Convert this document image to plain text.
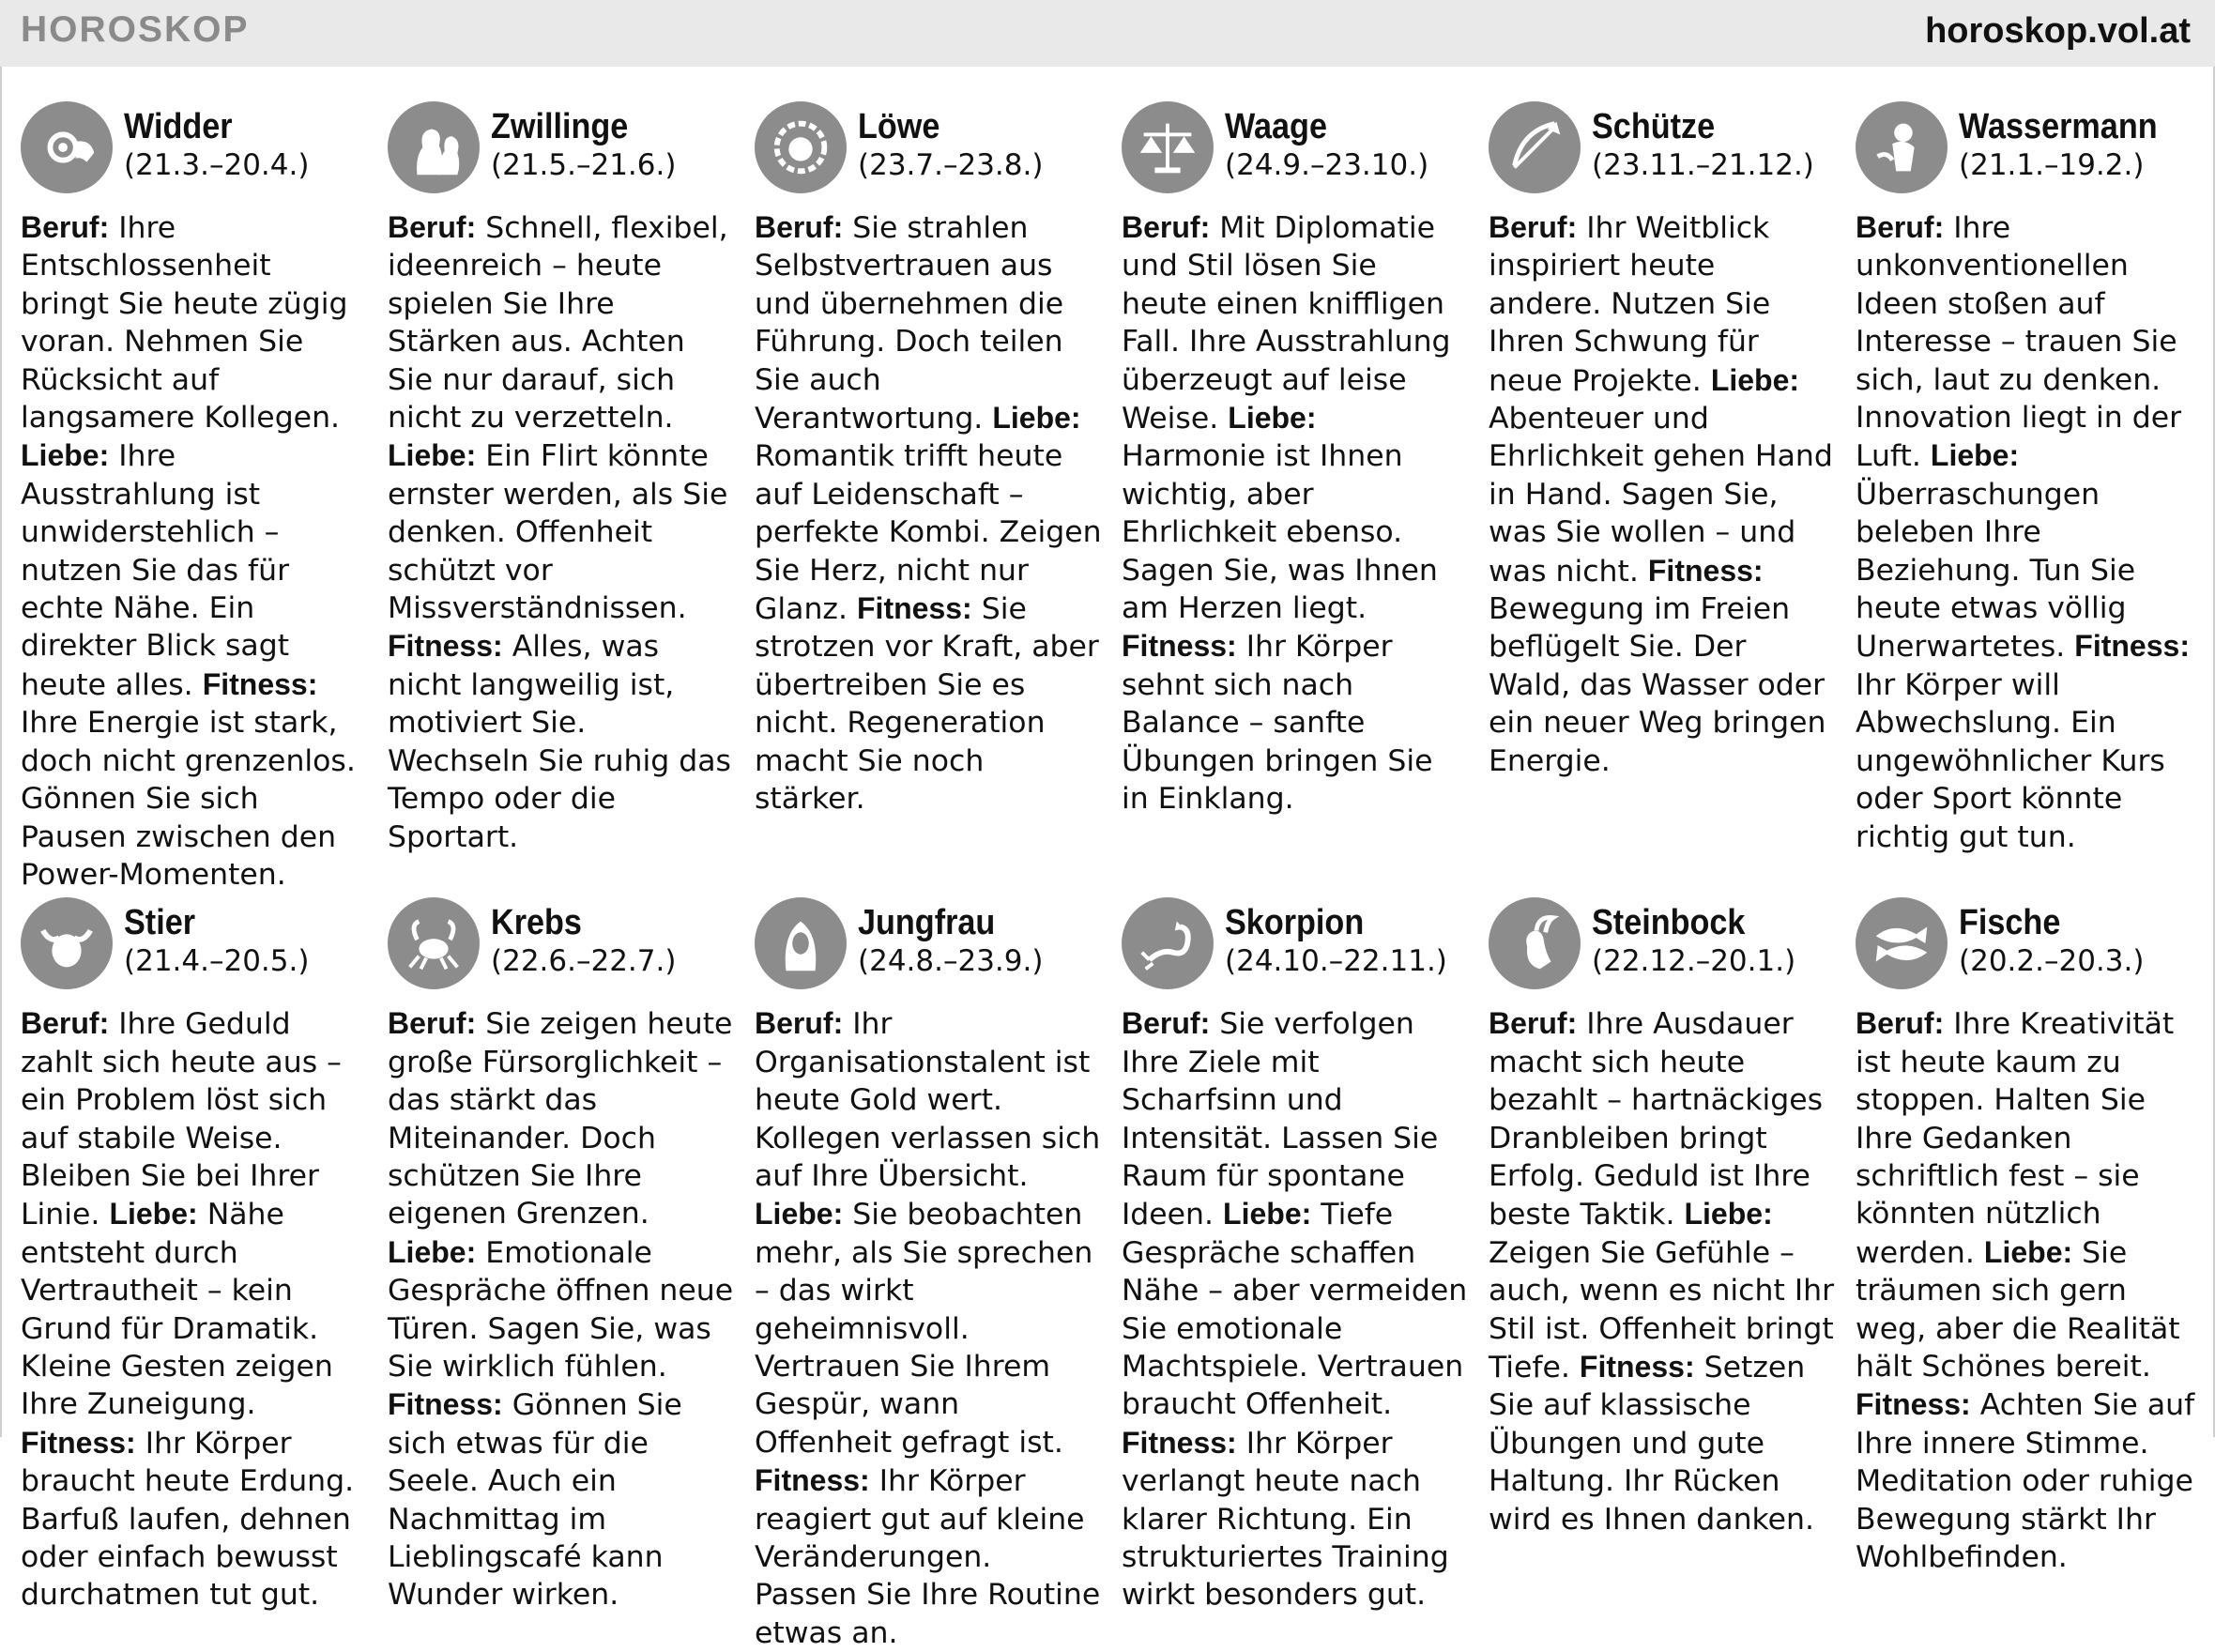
HOROSKOP	horoskop.vol.at
Widder
(21.3.–20.4.)
Beruf: Ihre Entschlossenheit bringt Sie heute zügig voran. Nehmen Sie Rücksicht auf langsamere Kollegen. Liebe: Ihre Ausstrahlung ist unwiderstehlich – nutzen Sie das für echte Nähe. Ein direkter Blick sagt heute alles. Fitness: Ihre Energie ist stark, doch nicht grenzenlos. Gönnen Sie sich Pausen zwischen den Power-Momenten.
Zwillinge
(21.5.–21.6.)
Beruf: Schnell, flexibel, ideenreich – heute spielen Sie Ihre Stärken aus. Achten Sie nur darauf, sich nicht zu verzetteln. Liebe: Ein Flirt könnte ernster werden, als Sie denken. Offenheit schützt vor Missverständnissen. Fitness: Alles, was nicht langweilig ist, motiviert Sie. Wechseln Sie ruhig das Tempo oder die Sportart.
Löwe
(23.7.–23.8.)
Beruf: Sie strahlen Selbstvertrauen aus und übernehmen die Führung. Doch teilen Sie auch Verantwortung. Liebe: Romantik trifft heute auf Leidenschaft – perfekte Kombi. Zeigen Sie Herz, nicht nur Glanz. Fitness: Sie strotzen vor Kraft, aber übertreiben Sie es nicht. Regeneration macht Sie noch stärker.
Waage
(24.9.–23.10.)
Beruf: Mit Diplomatie und Stil lösen Sie heute einen kniffligen Fall. Ihre Ausstrahlung überzeugt auf leise Weise. Liebe: Harmonie ist Ihnen wichtig, aber Ehrlichkeit ebenso. Sagen Sie, was Ihnen am Herzen liegt. Fitness: Ihr Körper sehnt sich nach Balance – sanfte Übungen bringen Sie in Einklang.
Schütze
(23.11.–21.12.)
Beruf: Ihr Weitblick inspiriert heute andere. Nutzen Sie Ihren Schwung für neue Projekte. Liebe: Abenteuer und Ehrlichkeit gehen Hand in Hand. Sagen Sie, was Sie wollen – und was nicht. Fitness: Bewegung im Freien beflügelt Sie. Der Wald, das Wasser oder ein neuer Weg bringen Energie.
Wassermann
(21.1.–19.2.)
Beruf: Ihre unkonventionellen Ideen stoßen auf Interesse – trauen Sie sich, laut zu denken. Innovation liegt in der Luft. Liebe: Überraschungen beleben Ihre Beziehung. Tun Sie heute etwas völlig Unerwartetes. Fitness: Ihr Körper will Abwechslung. Ein ungewöhnlicher Kurs oder Sport könnte richtig gut tun.
Stier
(21.4.–20.5.)
Beruf: Ihre Geduld zahlt sich heute aus – ein Problem löst sich auf stabile Weise. Bleiben Sie bei Ihrer Linie. Liebe: Nähe entsteht durch Vertrautheit – kein Grund für Dramatik. Kleine Gesten zeigen Ihre Zuneigung. Fitness: Ihr Körper braucht heute Erdung. Barfuß laufen, dehnen oder einfach bewusst durchatmen tut gut.
Krebs
(22.6.–22.7.)
Beruf: Sie zeigen heute große Fürsorglichkeit – das stärkt das Miteinander. Doch schützen Sie Ihre eigenen Grenzen. Liebe: Emotionale Gespräche öffnen neue Türen. Sagen Sie, was Sie wirklich fühlen. Fitness: Gönnen Sie sich etwas für die Seele. Auch ein Nachmittag im Lieblingscafé kann Wunder wirken.
Jungfrau
(24.8.–23.9.)
Beruf: Ihr Organisationstalent ist heute Gold wert. Kollegen verlassen sich auf Ihre Übersicht. Liebe: Sie beobachten mehr, als Sie sprechen – das wirkt geheimnisvoll. Vertrauen Sie Ihrem Gespür, wann Offenheit gefragt ist. Fitness: Ihr Körper reagiert gut auf kleine Veränderungen. Passen Sie Ihre Routine etwas an.
Skorpion
(24.10.–22.11.)
Beruf: Sie verfolgen Ihre Ziele mit Scharfsinn und Intensität. Lassen Sie Raum für spontane Ideen. Liebe: Tiefe Gespräche schaffen Nähe – aber vermeiden Sie emotionale Machtspiele. Vertrauen braucht Offenheit. Fitness: Ihr Körper verlangt heute nach klarer Richtung. Ein strukturiertes Training wirkt besonders gut.
Steinbock
(22.12.–20.1.)
Beruf: Ihre Ausdauer macht sich heute bezahlt – hartnäckiges Dranbleiben bringt Erfolg. Geduld ist Ihre beste Taktik. Liebe: Zeigen Sie Gefühle – auch, wenn es nicht Ihr Stil ist. Offenheit bringt Tiefe. Fitness: Setzen Sie auf klassische Übungen und gute Haltung. Ihr Rücken wird es Ihnen danken.
Fische
(20.2.–20.3.)
Beruf: Ihre Kreativität ist heute kaum zu stoppen. Halten Sie Ihre Gedanken schriftlich fest – sie könnten nützlich werden. Liebe: Sie träumen sich gern weg, aber die Realität hält Schönes bereit. Fitness: Achten Sie auf Ihre innere Stimme. Meditation oder ruhige Bewegung stärkt Ihr Wohlbefinden.
